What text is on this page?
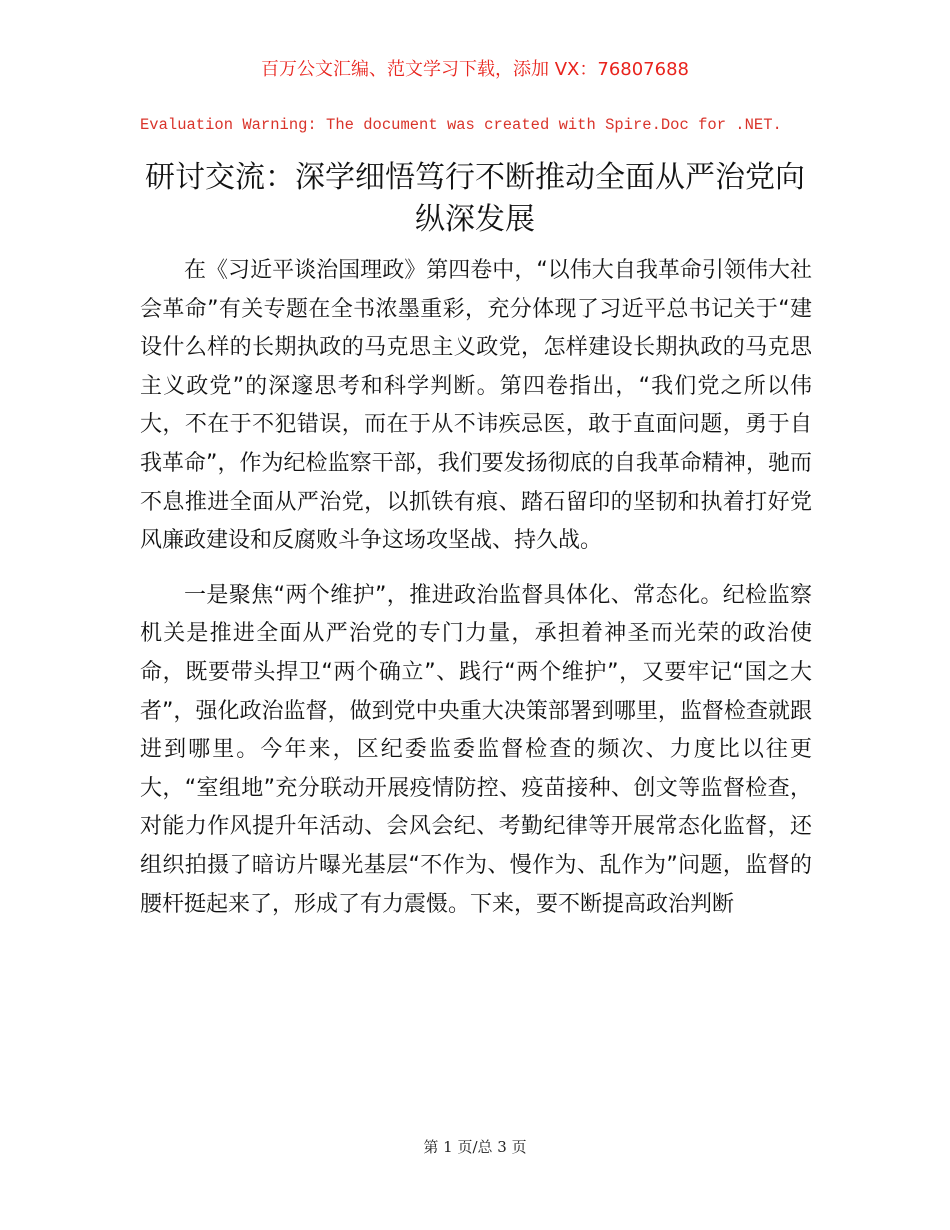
百万公文汇编、范文学习下载，添加 VX：76807688
Evaluation Warning: The document was created with Spire.Doc for .NET.
研讨交流：深学细悟笃行不断推动全面从严治党向纵深发展

在《习近平谈治国理政》第四卷中，“以伟大自我革命引领伟大社会革命”有关专题在全书浓墨重彩，充分体现了习近平总书记关于“建设什么样的长期执政的马克思主义政党，怎样建设长期执政的马克思主义政党”的深邃思考和科学判断。第四卷指出，“我们党之所以伟大，不在于不犯错误，而在于从不讳疾忌医，敢于直面问题，勇于自我革命”，作为纪检监察干部，我们要发扬彻底的自我革命精神，驰而不息推进全面从严治党，以抓铁有痕、踏石留印的坚韧和执着打好党风廉政建设和反腐败斗争这场攻坚战、持久战。

一是聚焦“两个维护”，推进政治监督具体化、常态化。纪检监察机关是推进全面从严治党的专门力量，承担着神圣而光荣的政治使命，既要带头捍卫“两个确立”、践行“两个维护”，又要牢记“国之大者”，强化政治监督，做到党中央重大决策部署到哪里，监督检查就跟进到哪里。今年来，区纪委监委监督检查的频次、力度比以往更大，“室组地”充分联动开展疫情防控、疫苗接种、创文等监督检查，对能力作风提升年活动、会风会纪、考勤纪律等开展常态化监督，还组织拍摄了暗访片曝光基层“不作为、慢作为、乱作为”问题，监督的腰杆挺起来了，形成了有力震慑。下来，要不断提高政治判断

第 1 页/总 3 页
